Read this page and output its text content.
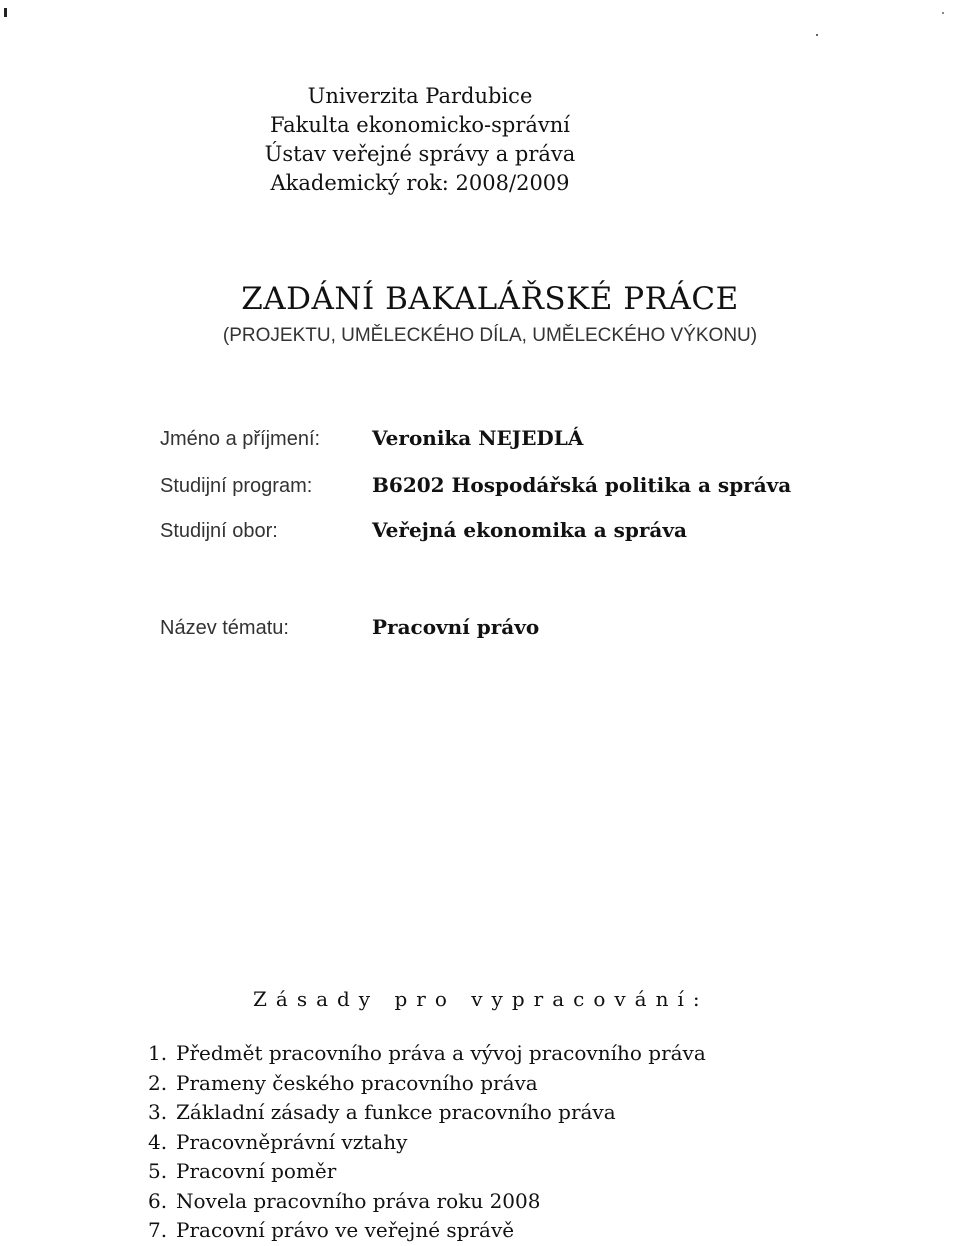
Univerzita Pardubice
Fakulta ekonomicko-správní
Ústav veřejné správy a práva
Akademický rok: 2008/2009
ZADÁNÍ BAKALÁŘSKÉ PRÁCE
(PROJEKTU, UMĚLECKÉHO DÍLA, UMĚLECKÉHO VÝKONU)
Jméno a příjmení:	Veronika NEJEDLÁ
Studijní program:	B6202 Hospodářská politika a správa
Studijní obor:	Veřejná ekonomika a správa
Název tématu:	Pracovní právo
Zásady pro vypracování:
1. Předmět pracovního práva a vývoj pracovního práva
2. Prameny českého pracovního práva
3. Základní zásady a funkce pracovního práva
4. Pracovněprávní vztahy
5. Pracovní poměr
6. Novela pracovního práva roku 2008
7. Pracovní právo ve veřejné správě
